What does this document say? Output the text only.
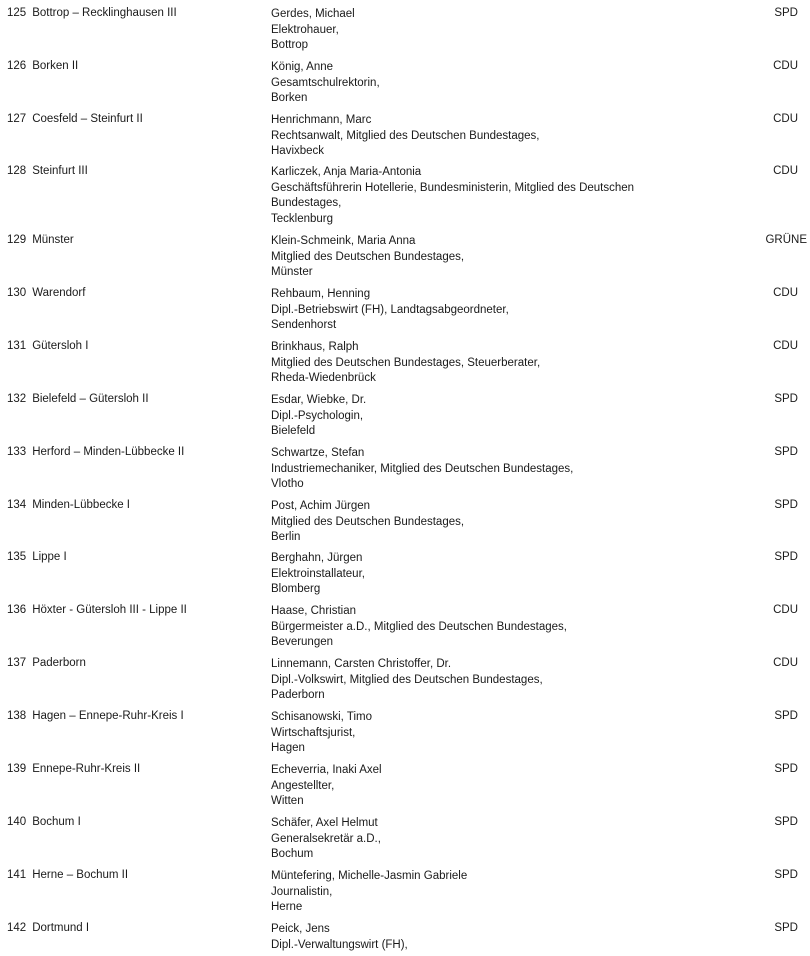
125 Bottrop – Recklinghausen III	Gerdes, Michael
Elektrohauer,
Bottrop
SPD
126 Borken II	König, Anne
Gesamtschulrektorin,
Borken
CDU
127 Coesfeld – Steinfurt II	Henrichmann, Marc
Rechtsanwalt, Mitglied des Deutschen Bundestages,
Havixbeck
CDU
128 Steinfurt III	Karliczek, Anja Maria-Antonia
Geschäftsführerin Hotellerie, Bundesministerin, Mitglied des Deutschen
Bundestages,
Tecklenburg
CDU
129 Münster	Klein-Schmeink, Maria Anna
Mitglied des Deutschen Bundestages,
Münster
GRÜNE
130 Warendorf	Rehbaum, Henning
Dipl.-Betriebswirt (FH), Landtagsabgeordneter,
Sendenhorst
CDU
131 Gütersloh I	Brinkhaus, Ralph
Mitglied des Deutschen Bundestages, Steuerberater,
Rheda-Wiedenbrück
CDU
132 Bielefeld – Gütersloh II	Esdar, Wiebke, Dr.
Dipl.-Psychologin,
Bielefeld
SPD
133 Herford – Minden-Lübbecke II	Schwartze, Stefan
Industriemechaniker, Mitglied des Deutschen Bundestages,
Vlotho
SPD
134 Minden-Lübbecke I	Post, Achim Jürgen
Mitglied des Deutschen Bundestages,
Berlin
SPD
135 Lippe I	Berghahn, Jürgen
Elektroinstallateur,
Blomberg
SPD
136 Höxter - Gütersloh III - Lippe II	Haase, Christian
Bürgermeister a.D., Mitglied des Deutschen Bundestages,
Beverungen
CDU
137 Paderborn	Linnemann, Carsten Christoffer, Dr.
Dipl.-Volkswirt, Mitglied des Deutschen Bundestages,
Paderborn
CDU
138 Hagen – Ennepe-Ruhr-Kreis I	Schisanowski, Timo
Wirtschaftsjurist,
Hagen
SPD
139 Ennepe-Ruhr-Kreis II	Echeverria, Inaki Axel
Angestellter,
Witten
SPD
140 Bochum I	Schäfer, Axel Helmut
Generalsekretär a.D.,
Bochum
SPD
141 Herne – Bochum II	Müntefering, Michelle-Jasmin Gabriele
Journalistin,
Herne
SPD
142 Dortmund I	Peick, Jens
Dipl.-Verwaltungswirt (FH),
SPD
